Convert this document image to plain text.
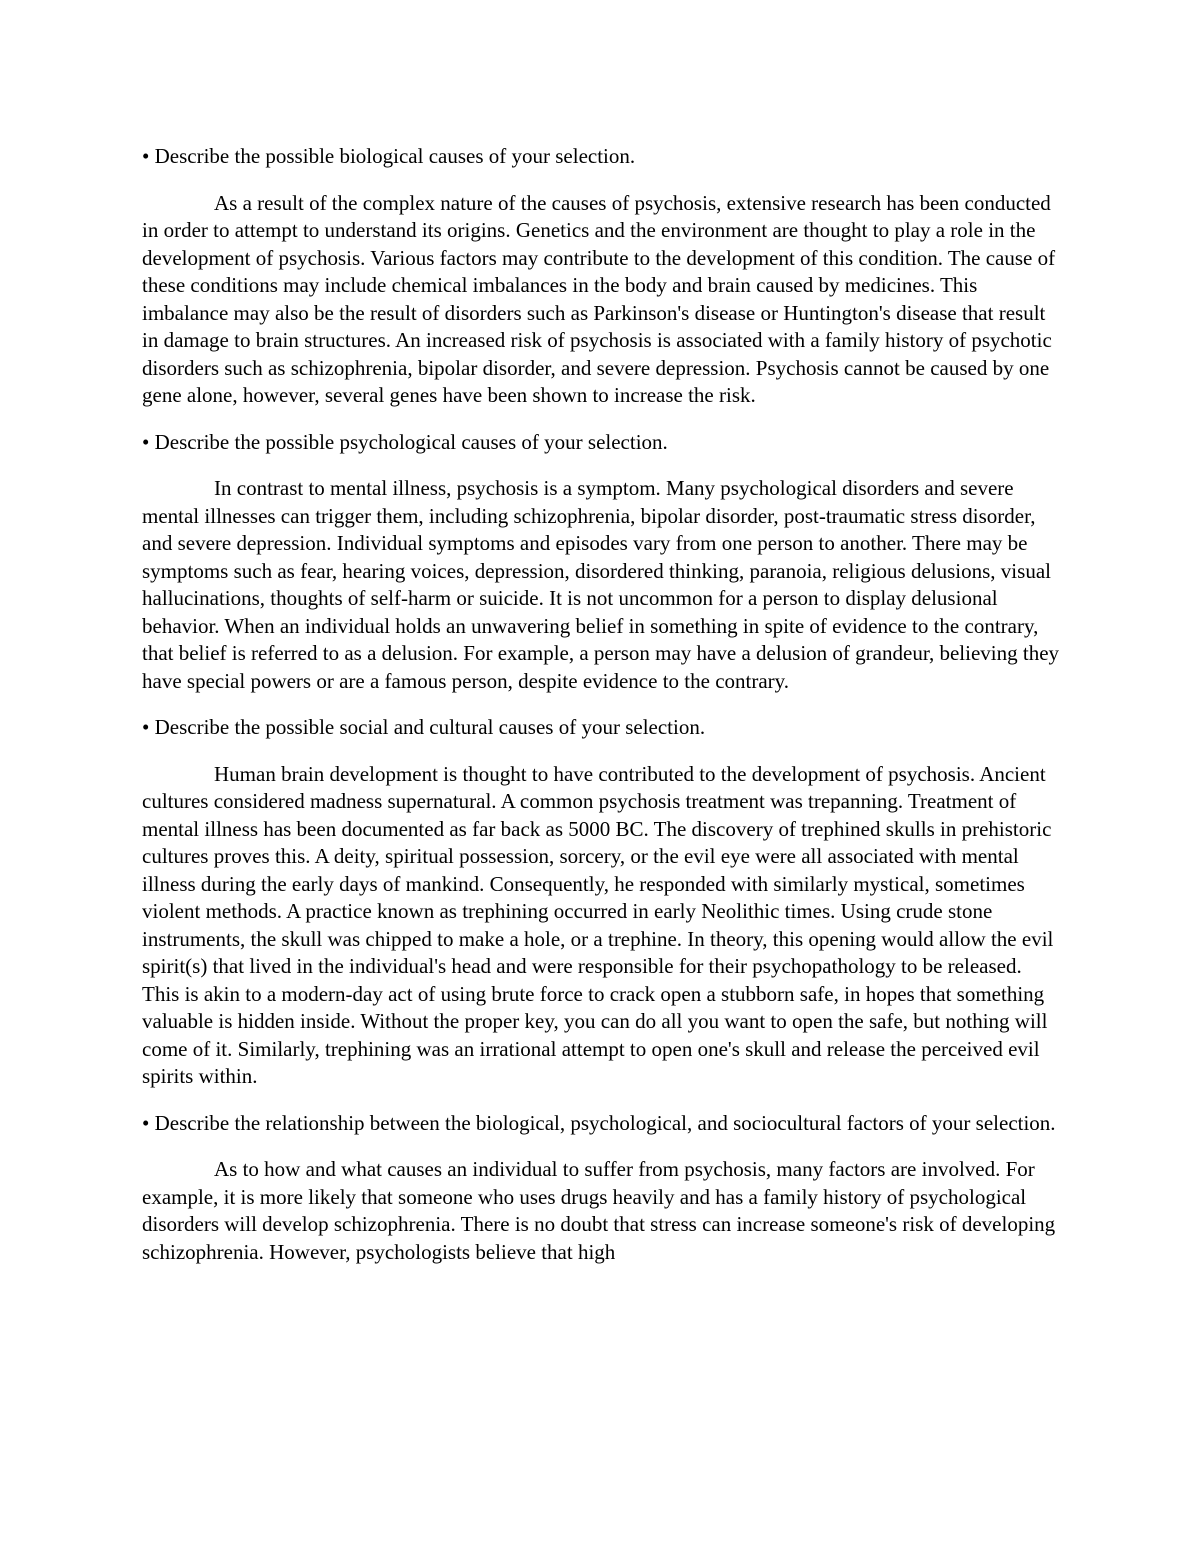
• Describe the possible biological causes of your selection.

As a result of the complex nature of the causes of psychosis, extensive research has been conducted in order to attempt to understand its origins. Genetics and the environment are thought to play a role in the development of psychosis. Various factors may contribute to the development of this condition. The cause of these conditions may include chemical imbalances in the body and brain caused by medicines. This imbalance may also be the result of disorders such as Parkinson's disease or Huntington's disease that result in damage to brain structures. An increased risk of psychosis is associated with a family history of psychotic disorders such as schizophrenia, bipolar disorder, and severe depression. Psychosis cannot be caused by one gene alone, however, several genes have been shown to increase the risk.

• Describe the possible psychological causes of your selection.

In contrast to mental illness, psychosis is a symptom. Many psychological disorders and severe mental illnesses can trigger them, including schizophrenia, bipolar disorder, post-traumatic stress disorder, and severe depression. Individual symptoms and episodes vary from one person to another. There may be symptoms such as fear, hearing voices, depression, disordered thinking, paranoia, religious delusions, visual hallucinations, thoughts of self-harm or suicide. It is not uncommon for a person to display delusional behavior. When an individual holds an unwavering belief in something in spite of evidence to the contrary, that belief is referred to as a delusion. For example, a person may have a delusion of grandeur, believing they have special powers or are a famous person, despite evidence to the contrary.

• Describe the possible social and cultural causes of your selection.

Human brain development is thought to have contributed to the development of psychosis. Ancient cultures considered madness supernatural. A common psychosis treatment was trepanning. Treatment of mental illness has been documented as far back as 5000 BC. The discovery of trephined skulls in prehistoric cultures proves this. A deity, spiritual possession, sorcery, or the evil eye were all associated with mental illness during the early days of mankind. Consequently, he responded with similarly mystical, sometimes violent methods. A practice known as trephining occurred in early Neolithic times. Using crude stone instruments, the skull was chipped to make a hole, or a trephine. In theory, this opening would allow the evil spirit(s) that lived in the individual's head and were responsible for their psychopathology to be released. This is akin to a modern-day act of using brute force to crack open a stubborn safe, in hopes that something valuable is hidden inside. Without the proper key, you can do all you want to open the safe, but nothing will come of it. Similarly, trephining was an irrational attempt to open one's skull and release the perceived evil spirits within.

• Describe the relationship between the biological, psychological, and sociocultural factors of your selection.

As to how and what causes an individual to suffer from psychosis, many factors are involved. For example, it is more likely that someone who uses drugs heavily and has a family history of psychological disorders will develop schizophrenia. There is no doubt that stress can increase someone's risk of developing schizophrenia. However, psychologists believe that high
